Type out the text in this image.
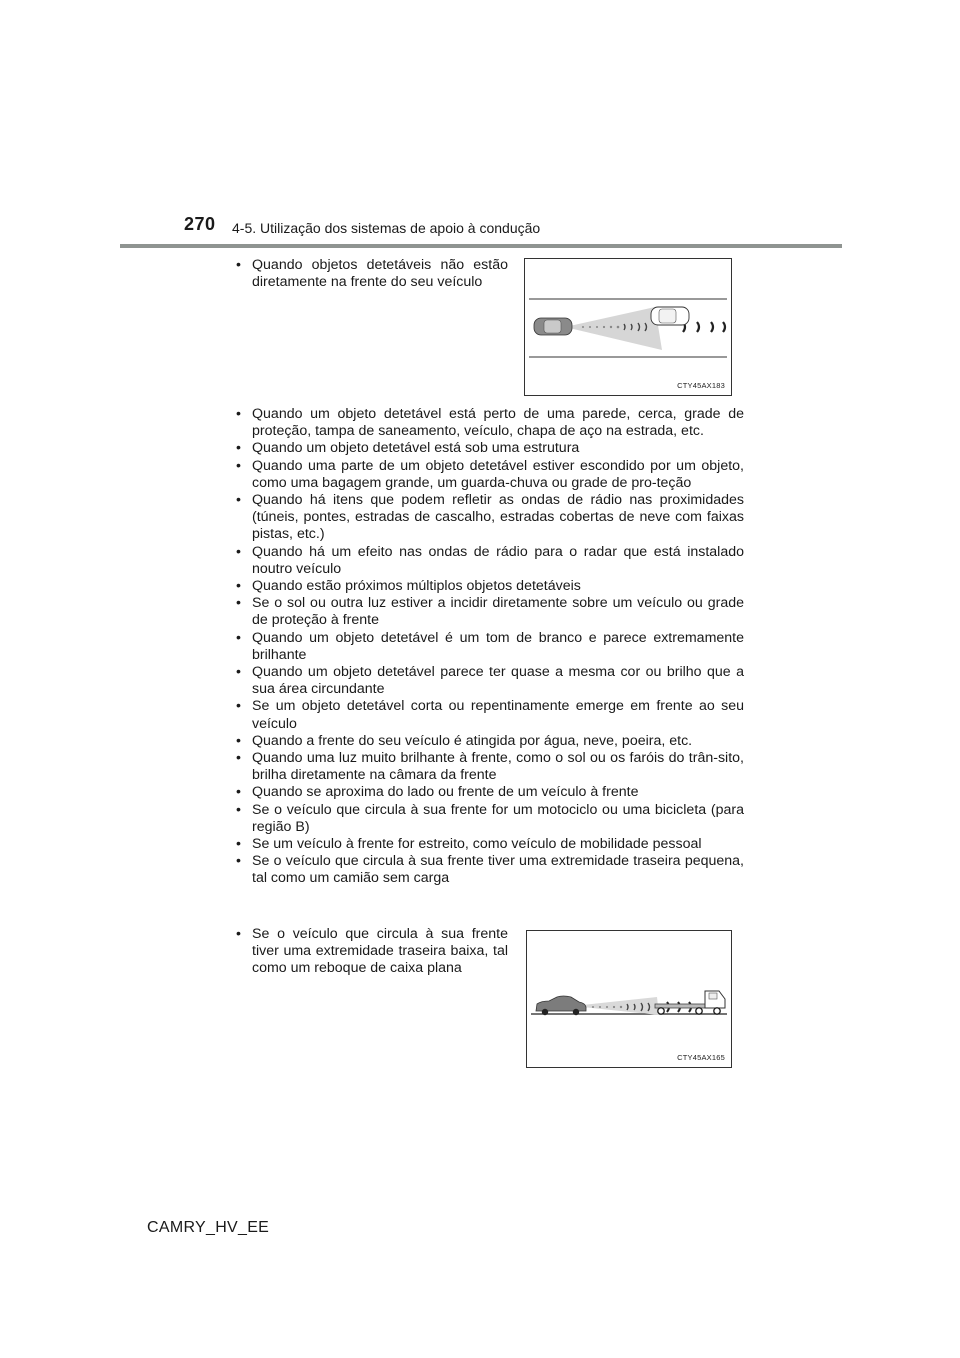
270 4-5. Utilização dos sistemas de apoio à condução
• Quando objetos detetáveis não estão diretamente na frente do seu veículo
CTY45AX183
• Quando um objeto detetável está perto de uma parede, cerca, grade de proteção, tampa de saneamento, veículo, chapa de aço na estrada, etc.
• Quando um objeto detetável está sob uma estrutura
• Quando uma parte de um objeto detetável estiver escondido por um objeto, como uma bagagem grande, um guarda-chuva ou grade de pro-teção
• Quando há itens que podem refletir as ondas de rádio nas proximidades (túneis, pontes, estradas de cascalho, estradas cobertas de neve com faixas pistas, etc.)
• Quando há um efeito nas ondas de rádio para o radar que está instalado noutro veículo
• Quando estão próximos múltiplos objetos detetáveis
• Se o sol ou outra luz estiver a incidir diretamente sobre um veículo ou grade de proteção à frente
• Quando um objeto detetável é um tom de branco e parece extremamente brilhante
• Quando um objeto detetável parece ter quase a mesma cor ou brilho que a sua área circundante
• Se um objeto detetável corta ou repentinamente emerge em frente ao seu veículo
• Quando a frente do seu veículo é atingida por água, neve, poeira, etc.
• Quando uma luz muito brilhante à frente, como o sol ou os faróis do trân-sito, brilha diretamente na câmara da frente
• Quando se aproxima do lado ou frente de um veículo à frente
• Se o veículo que circula à sua frente for um motociclo ou uma bicicleta (para região B)
• Se um veículo à frente for estreito, como veículo de mobilidade pessoal
• Se o veículo que circula à sua frente tiver uma extremidade traseira pequena, tal como um camião sem carga
• Se o veículo que circula à sua frente tiver uma extremidade traseira baixa, tal como um reboque de caixa plana
CTY45AX165
CAMRY_HV_EE
